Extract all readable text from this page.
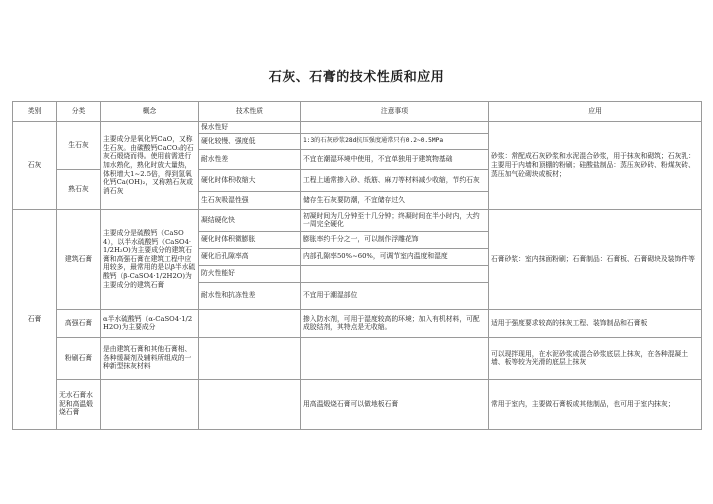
石灰、石膏的技术性质和应用
类别	分类	概念	技术性质	注意事项	应用
石灰	生石灰	主要成分是氧化钙CaO，又称生石灰。由碳酸钙CaCO₃的石灰石煅烧而得。使用前需进行加水熟化，熟化时放大量热，体积增大1~2.5倍，得到氢氧化钙Ca(OH)₂，又称熟石灰或消石灰	保水性好		砂浆：常配成石灰砂浆和水泥混合砂浆，用于抹灰和砌筑；石灰乳：主要用于内墙和顶棚的粉刷；硅酸盐制品：蒸压灰砂砖、粉煤灰砖、蒸压加气砼砌块或板材；
			硬化较慢、强度低	1:3的石灰砂浆28d抗压强度通常只有0.2~0.5MPa	
			耐水性差	不宜在潮湿环境中使用，不宜单独用于建筑物基础	
	熟石灰		硬化时体积收缩大	工程上通常掺入砂、纸筋、麻刀等材料减少收缩，节约石灰	
			生石灰吸湿性强	储存生石灰要防潮，不宜储存过久	
石膏	建筑石膏	主要成分是硫酸钙（CaSO4），以半水硫酸钙（CaSO4·1/2H₂O)为主要成分的建筑石膏和高强石膏在建筑工程中应用较多，最常用的是以β半水硫酸钙（β-CaSO4·1/2H2O)为主要成分的建筑石膏	凝结硬化快	初凝时间为几分钟至十几分钟；终凝时间在半小时内，大约一周完全硬化	石膏砂浆：室内抹面粉刷；石膏制品：石膏板、石膏砌块及装饰件等
			硬化时体积微膨胀	膨胀率约千分之一，可以制作浮雕花饰	
			硬化后孔隙率高	内部孔隙率50%~60%，可调节室内温度和湿度	
			防火性能好		
			耐水性和抗冻性差	不宜用于潮湿部位	
	高强石膏	α半水硫酸钙（α-CaSO4·1/2H2O)为主要成分		掺入防水剂，可用于湿度较高的环境；加入有机材料，可配成胶结剂，其特点是无收缩。	适用于强度要求较高的抹灰工程、装饰制品和石膏板
	粉刷石膏	是由建筑石膏和其他石膏相、各种缓凝剂及辅料所组成的一种新型抹灰材料			可以现拌现用，在水泥砂浆或混合砂浆底层上抹灰，在各种混凝土墙、板等较为光滑的底层上抹灰
	无水石膏水泥和高温煅烧石膏			用高温煅烧石膏可以做地板石膏	常用于室内，主要做石膏板或其他制品，也可用于室内抹灰；
